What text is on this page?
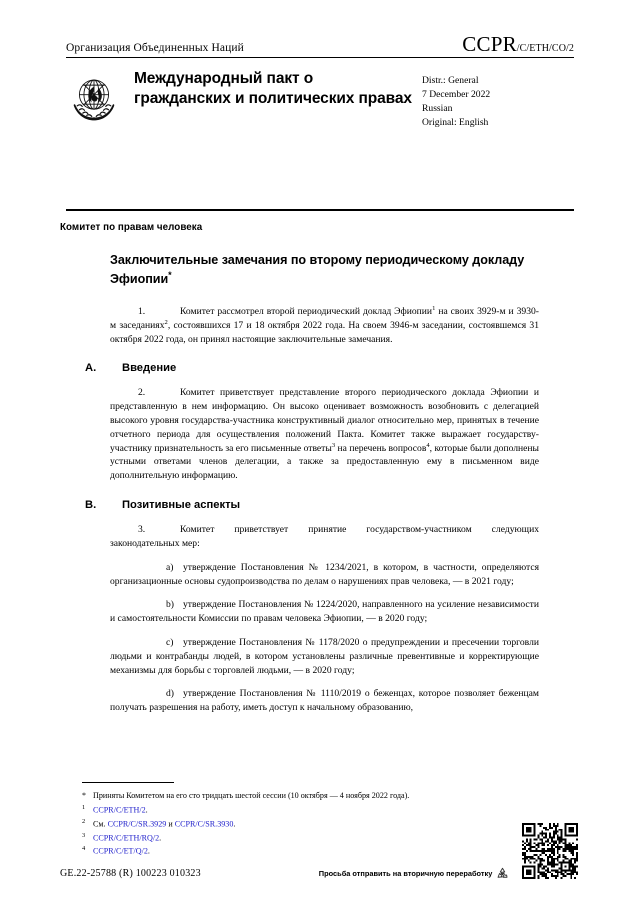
Организация Объединенных Наций	CCPR/C/ETH/CO/2
Международный пакт о гражданских и политических правах
Distr.: General
7 December 2022
Russian
Original: English
Комитет по правам человека
Заключительные замечания по второму периодическому докладу Эфиопии*

1.	Комитет рассмотрел второй периодический доклад Эфиопии$^1$ на своих 3929-м и 3930-м заседаниях$^2$, состоявшихся 17 и 18 октября 2022 года. На своем 3946-м заседании, состоявшемся 31 октября 2022 года, он принял настоящие заключительные замечания.

A.	Введение

2.	Комитет приветствует представление второго периодического доклада Эфиопии и представленную в нем информацию. Он высоко оценивает возможность возобновить с делегацией высокого уровня государства-участника конструктивный диалог относительно мер, принятых в течение отчетного периода для осуществления положений Пакта. Комитет также выражает государству-участнику признательность за его письменные ответы$^3$ на перечень вопросов$^4$, которые были дополнены устными ответами членов делегации, а также за предоставленную ему в письменном виде дополнительную информацию.

B.	Позитивные аспекты

3.	Комитет приветствует принятие государством-участником следующих законодательных мер:

a) утверждение Постановления № 1234/2021, в котором, в частности, определяются организационные основы судопроизводства по делам о нарушениях прав человека, — в 2021 году;

b) утверждение Постановления № 1224/2020, направленного на усиление независимости и самостоятельности Комиссии по правам человека Эфиопии, — в 2020 году;

c) утверждение Постановления № 1178/2020 о предупреждении и пресечении торговли людьми и контрабанды людей, в котором установлены различные превентивные и корректирующие механизмы для борьбы с торговлей людьми, — в 2020 году;

d) утверждение Постановления № 1110/2019 о беженцах, которое позволяет беженцам получать разрешения на работу, иметь доступ к начальному образованию,

* Приняты Комитетом на его сто тридцать шестой сессии (10 октября — 4 ноября 2022 года).
1 CCPR/C/ETH/2.
2 См. CCPR/C/SR.3929 и CCPR/C/SR.3930.
3 CCPR/C/ETH/RQ/2.
4 CCPR/C/ET/Q/2.
GE.22-25788 (R) 100223 010323	Просьба отправить на вторичную переработку
